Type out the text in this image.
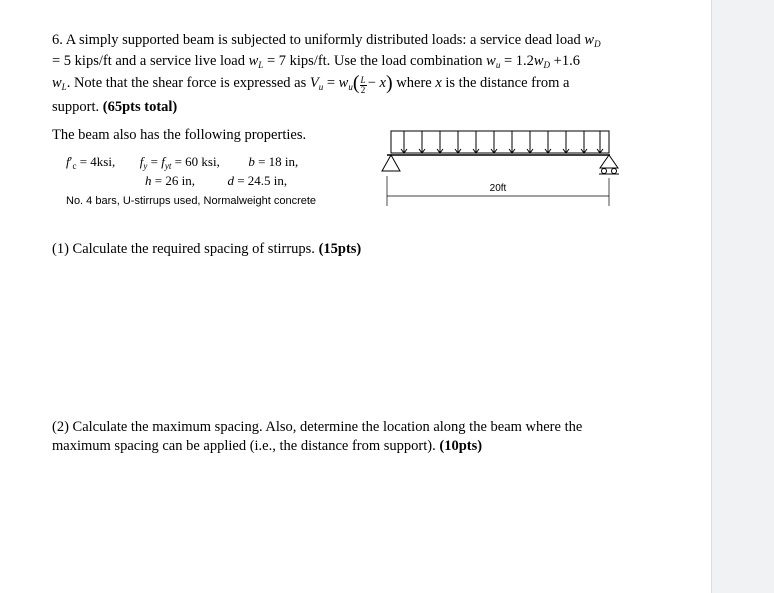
6. A simply supported beam is subjected to uniformly distributed loads: a service dead load $w_D$
= 5 kips/ft and a service live load $w_L = 7$ kips/ft. Use the load combination $w_u = 1.2w_D +1.6$
$w_L$. Note that the shear force is expressed as $V_u = w_u( \frac{L}{2}$  − x) where x is the distance from a
support. (65pts total)
The beam also has the following properties.
$f'_c = 4ksi$, $f_y = f_{yt} = 60$ ksi, b = 18 in,
h = 26 in,	d = 24.5 in,
No. 4 bars, U-stirrups used, Normalweight concrete
20ft
(1) Calculate the required spacing of stirrups. (15pts)
(2) Calculate the maximum spacing. Also, determine the location along the beam where the
maximum spacing can be applied (i.e., the distance from support). (10pts)
